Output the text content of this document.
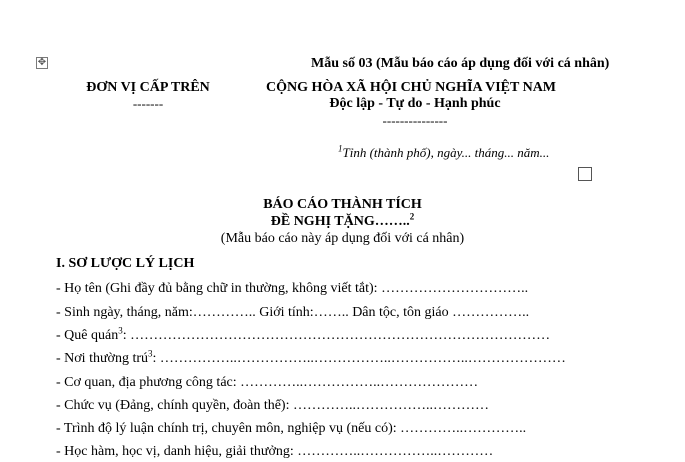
✥	Mẫu số 03 (Mẫu báo cáo áp dụng đối với cá nhân)
ĐƠN VỊ CẤP TRÊN
-------
CỘNG HÒA XÃ HỘI CHỦ NGHĨA VIỆT NAM
Độc lập - Tự do - Hạnh phúc
---------------
$^1$Tỉnh (thành phố), ngày... tháng... năm...
BÁO CÁO THÀNH TÍCH
ĐỀ NGHỊ TẶNG……..$^2$
(Mẫu báo cáo này áp dụng đối với cá nhân)
I. SƠ LƯỢC LÝ LỊCH
- Họ tên (Ghi đầy đủ bằng chữ in thường, không viết tắt): …………………………..
- Sinh ngày, tháng, năm:………….. Giới tính:…….. Dân tộc, tôn giáo ……………..
- Quê quán$^3$: ………………………………………………………………………………
- Nơi thường trú$^3$: ……………..……………..……………..……………..…………………
- Cơ quan, địa phương công tác: …………..……………..…………………
- Chức vụ (Đảng, chính quyền, đoàn thể): …………..……………..…………
- Trình độ lý luận chính trị, chuyên môn, nghiệp vụ (nếu có): …………..…………..
- Học hàm, học vị, danh hiệu, giải thưởng: …………..……………..…………
